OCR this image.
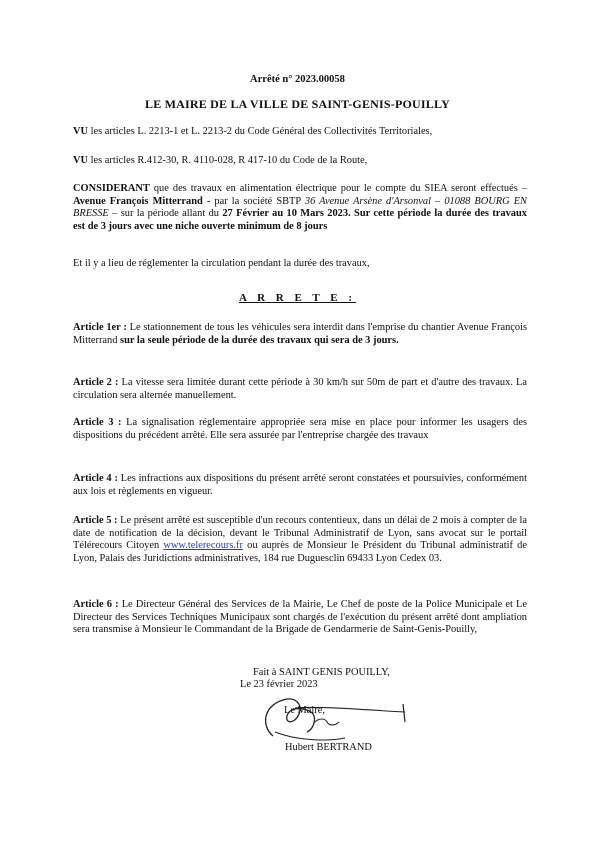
Arrêté n° 2023.00058
LE MAIRE DE LA VILLE DE SAINT-GENIS-POUILLY

VU les articles L. 2213-1 et L. 2213-2 du Code Général des Collectivités Territoriales,

VU les articles R.412-30, R. 4110-028, R 417-10 du Code de la Route,

CONSIDERANT que des travaux en alimentation électrique pour le compte du SIEA seront effectués – Avenue François Mitterrand - par la société SBTP 36 Avenue Arsène d'Arsonval – 01088 BOURG EN BRESSE – sur la période allant du 27 Février au 10 Mars 2023. Sur cette période la durée des travaux est de 3 jours avec une niche ouverte minimum de 8 jours

Et il y a lieu de réglementer la circulation pendant la durée des travaux,

A R R E T E :

Article 1er : Le stationnement de tous les véhicules sera interdit dans l'emprise du chantier Avenue François Mitterrand sur la seule période de la durée des travaux qui sera de 3 jours.

Article 2 : La vitesse sera limitée durant cette période à 30 km/h sur 50m de part et d'autre des travaux. La circulation sera alternée manuellement.

Article 3 : La signalisation réglementaire appropriée sera mise en place pour informer les usagers des dispositions du précédent arrêté. Elle sera assurée par l'entreprise chargée des travaux

Article 4 : Les infractions aux dispositions du présent arrêté seront constatées et poursuivies, conformément aux lois et règlements en vigueur.

Article 5 : Le présent arrêté est susceptible d'un recours contentieux, dans un délai de 2 mois à compter de la date de notification de la décision, devant le Tribunal Administratif de Lyon, sans avocat sur le portail Télérecours Citoyen www.telerecours.fr ou auprès de Monsieur le Président du Tribunal administratif de Lyon, Palais des Juridictions administratives, 184 rue Duguesclin 69433 Lyon Cedex 03.

Article 6 : Le Directeur Général des Services de la Mairie, Le Chef de poste de la Police Municipale et Le Directeur des Services Techniques Municipaux sont chargés de l'exécution du présent arrêté dont ampliation sera transmise à Monsieur le Commandant de la Brigade de Gendarmerie de Saint-Genis-Pouilly,

Fait à SAINT GENIS POUILLY,
Le 23 février 2023
Le Maire,
Hubert BERTRAND
